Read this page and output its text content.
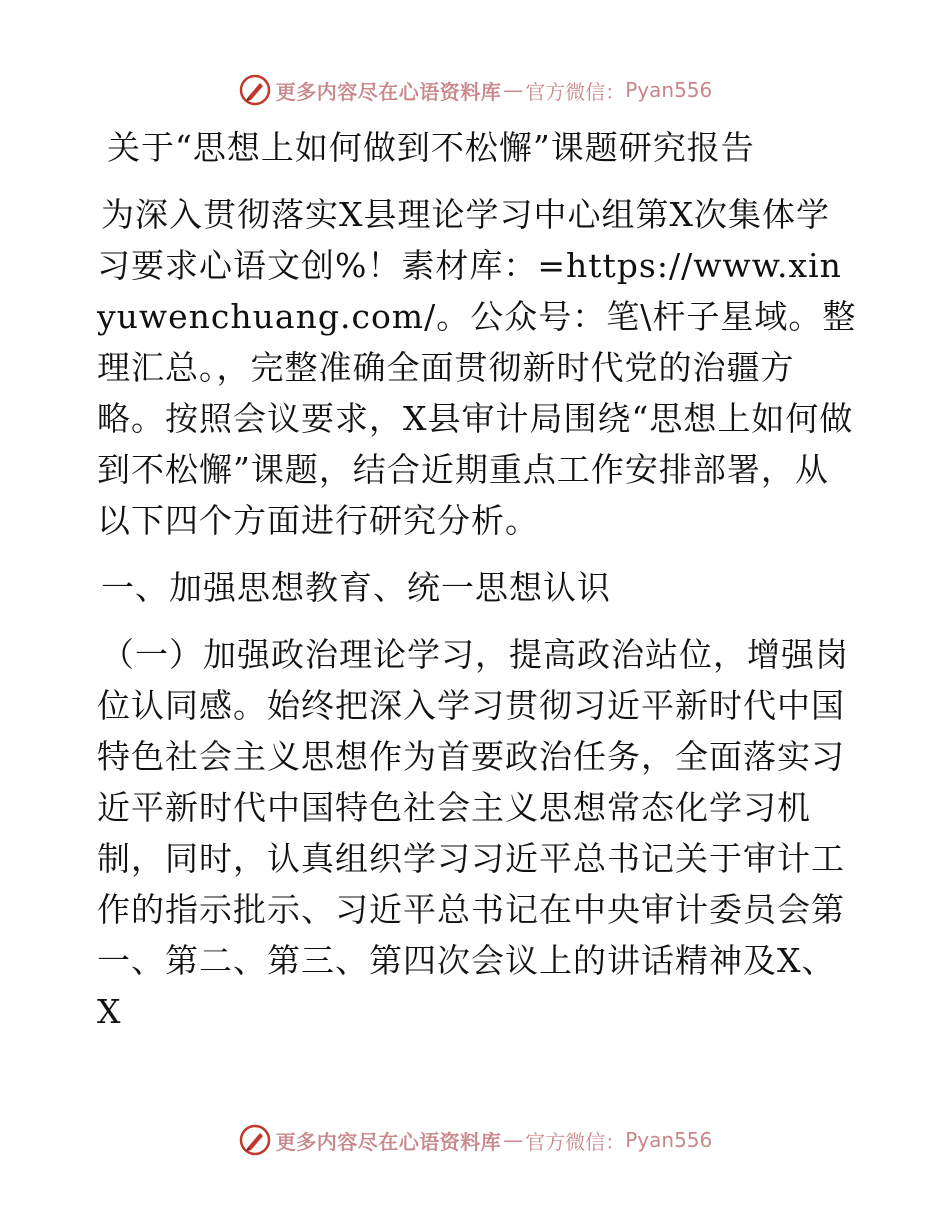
更多内容尽在心语资料库 — 官方微信： Pyan556
关于“思想上如何做到不松懈”课题研究报告
为深入贯彻落实X县理论学习中心组第X次集体学习要求心语文创%！素材库：=https://www.xinyuwenchuang.com/。公众号：笔\杆子星域。整理汇总。，完整准确全面贯彻新时代党的治疆方略。按照会议要求，X县审计局围绕“思想上如何做到不松懈”课题，结合近期重点工作安排部署，从以下四个方面进行研究分析。
一、加强思想教育、统一思想认识
（一）加强政治理论学习，提高政治站位，增强岗位认同感。始终把深入学习贯彻习近平新时代中国特色社会主义思想作为首要政治任务，全面落实习近平新时代中国特色社会主义思想常态化学习机制，同时，认真组织学习习近平总书记关于审计工作的指示批示、习近平总书记在中央审计委员会第一、第二、第三、第四次会议上的讲话精神及X、X
更多内容尽在心语资料库 — 官方微信： Pyan556
